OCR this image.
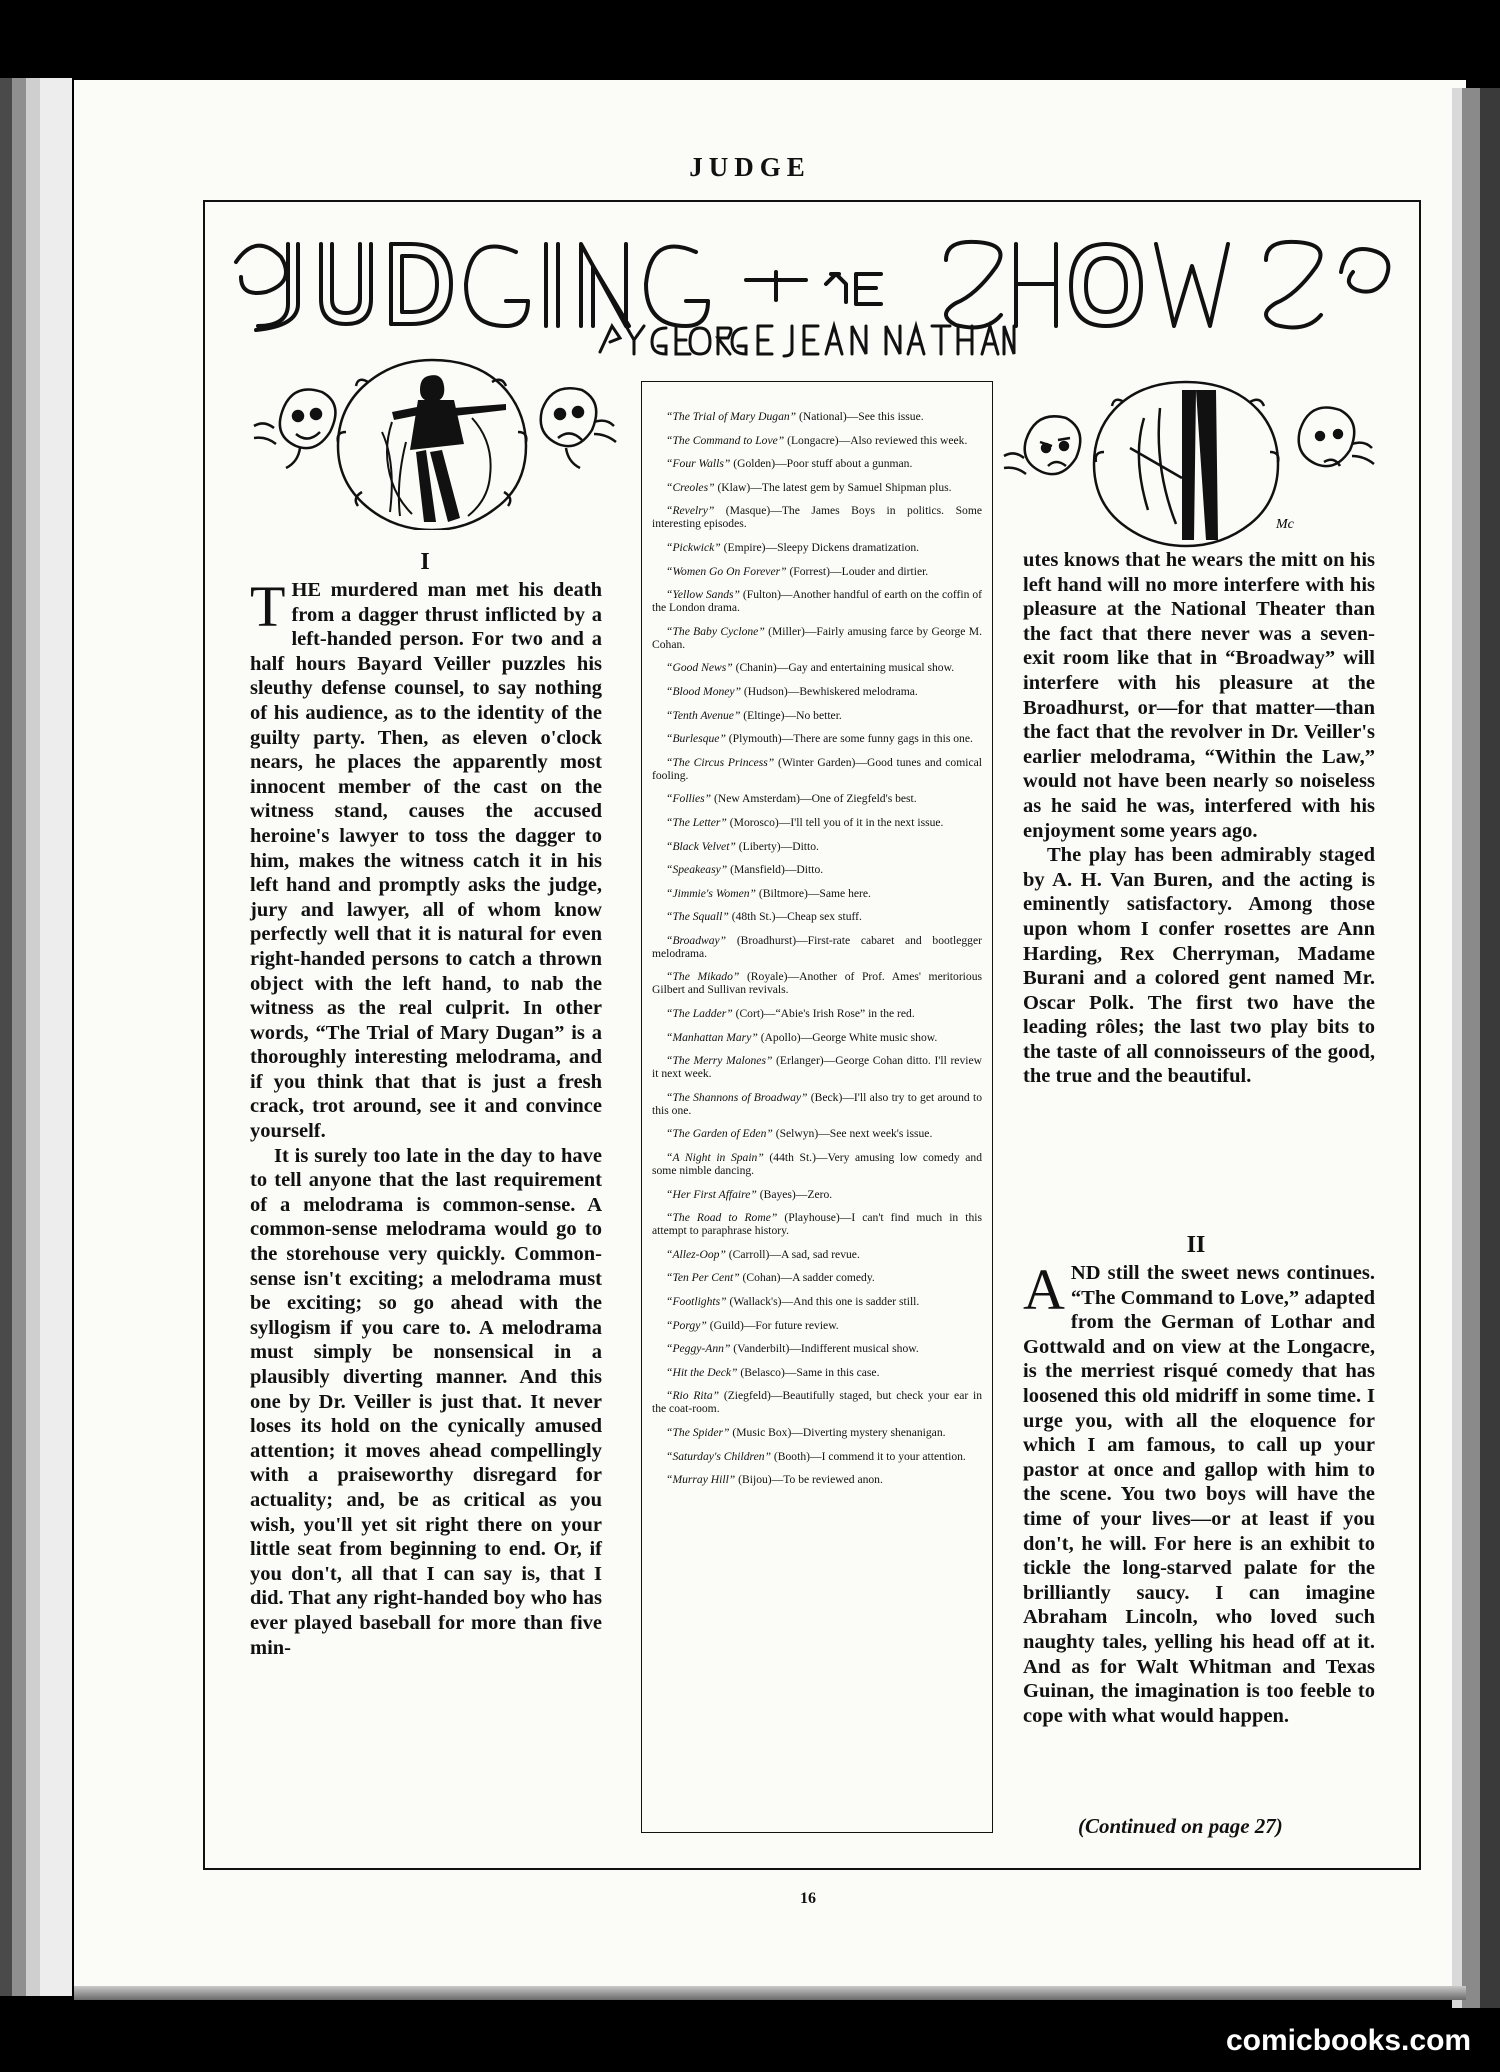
JUDGE
Mc
I

THE murdered man met his death from a dagger thrust inflicted by a left-handed person. For two and a half hours Bayard Veiller puzzles his sleuthy defense counsel, to say nothing of his audience, as to the identity of the guilty party. Then, as eleven o'clock nears, he places the apparently most innocent member of the cast on the witness stand, causes the accused heroine's lawyer to toss the dagger to him, makes the witness catch it in his left hand and promptly asks the judge, jury and lawyer, all of whom know perfectly well that it is natural for even right-handed persons to catch a thrown object with the left hand, to nab the witness as the real culprit. In other words, “The Trial of Mary Dugan” is a thoroughly interesting melodrama, and if you think that that is just a fresh crack, trot around, see it and convince yourself.

It is surely too late in the day to have to tell anyone that the last requirement of a melodrama is common-sense. A common-sense melodrama would go to the storehouse very quickly. Common-sense isn't exciting; a melodrama must be exciting; so go ahead with the syllogism if you care to. A melodrama must simply be nonsensical in a plausibly diverting manner. And this one by Dr. Veiller is just that. It never loses its hold on the cynically amused attention; it moves ahead compellingly with a praiseworthy disregard for actuality; and, be as critical as you wish, you'll yet sit right there on your little seat from beginning to end. Or, if you don't, all that I can say is, that I did. That any right-handed boy who has ever played baseball for more than five min-

“The Trial of Mary Dugan” (National)—See this issue.

“The Command to Love” (Longacre)—Also reviewed this week.

“Four Walls” (Golden)—Poor stuff about a gunman.

“Creoles” (Klaw)—The latest gem by Samuel Shipman plus.

“Revelry” (Masque)—The James Boys in politics. Some interesting episodes.

“Pickwick” (Empire)—Sleepy Dickens dramatization.

“Women Go On Forever” (Forrest)—Louder and dirtier.

“Yellow Sands” (Fulton)—Another handful of earth on the coffin of the London drama.

“The Baby Cyclone” (Miller)—Fairly amusing farce by George M. Cohan.

“Good News” (Chanin)—Gay and entertaining musical show.

“Blood Money” (Hudson)—Bewhiskered melodrama.

“Tenth Avenue” (Eltinge)—No better.

“Burlesque” (Plymouth)—There are some funny gags in this one.

“The Circus Princess” (Winter Garden)—Good tunes and comical fooling.

“Follies” (New Amsterdam)—One of Ziegfeld's best.

“The Letter” (Morosco)—I'll tell you of it in the next issue.

“Black Velvet” (Liberty)—Ditto.

“Speakeasy” (Mansfield)—Ditto.

“Jimmie's Women” (Biltmore)—Same here.

“The Squall” (48th St.)—Cheap sex stuff.

“Broadway” (Broadhurst)—First-rate cabaret and bootlegger melodrama.

“The Mikado” (Royale)—Another of Prof. Ames' meritorious Gilbert and Sullivan revivals.

“The Ladder” (Cort)—“Abie's Irish Rose” in the red.

“Manhattan Mary” (Apollo)—George White music show.

“The Merry Malones” (Erlanger)—George Cohan ditto. I'll review it next week.

“The Shannons of Broadway” (Beck)—I'll also try to get around to this one.

“The Garden of Eden” (Selwyn)—See next week's issue.

“A Night in Spain” (44th St.)—Very amusing low comedy and some nimble dancing.

“Her First Affaire” (Bayes)—Zero.

“The Road to Rome” (Playhouse)—I can't find much in this attempt to paraphrase history.

“Allez-Oop” (Carroll)—A sad, sad revue.

“Ten Per Cent” (Cohan)—A sadder comedy.

“Footlights” (Wallack's)—And this one is sadder still.

“Porgy” (Guild)—For future review.

“Peggy-Ann” (Vanderbilt)—Indifferent musical show.

“Hit the Deck” (Belasco)—Same in this case.

“Rio Rita” (Ziegfeld)—Beautifully staged, but check your ear in the coat-room.

“The Spider” (Music Box)—Diverting mystery shenanigan.

“Saturday's Children” (Booth)—I commend it to your attention.

“Murray Hill” (Bijou)—To be reviewed anon.

utes knows that he wears the mitt on his left hand will no more interfere with his pleasure at the National Theater than the fact that there never was a seven-exit room like that in “Broadway” will interfere with his pleasure at the Broadhurst, or—for that matter—than the fact that the revolver in Dr. Veiller's earlier melodrama, “Within the Law,” would not have been nearly so noiseless as he said he was, interfered with his enjoyment some years ago.

The play has been admirably staged by A. H. Van Buren, and the acting is eminently satisfactory. Among those upon whom I confer rosettes are Ann Harding, Rex Cherryman, Madame Burani and a colored gent named Mr. Oscar Polk. The first two have the leading rôles; the last two play bits to the taste of all connoisseurs of the good, the true and the beautiful.

II

AND still the sweet news continues. “The Command to Love,” adapted from the German of Lothar and Gottwald and on view at the Longacre, is the merriest risqué comedy that has loosened this old midriff in some time. I urge you, with all the eloquence for which I am famous, to call up your pastor at once and gallop with him to the scene. You two boys will have the time of your lives—or at least if you don't, he will. For here is an exhibit to tickle the long-starved palate for the brilliantly saucy. I can imagine Abraham Lincoln, who loved such naughty tales, yelling his head off at it. And as for Walt Whitman and Texas Guinan, the imagination is too feeble to cope with what would happen.

(Continued on page 27)
16
comicbooks.com
